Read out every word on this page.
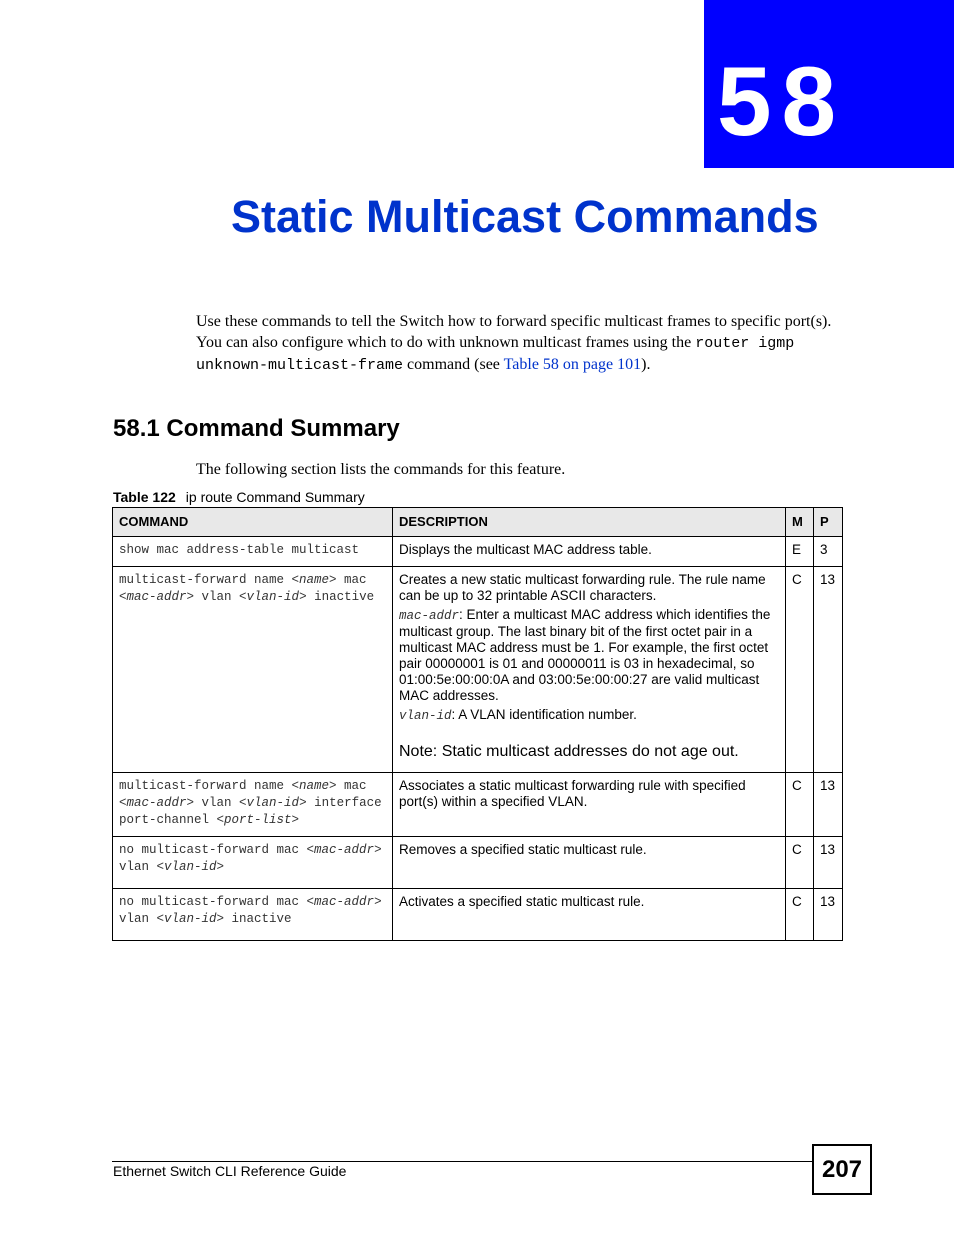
58
Static Multicast Commands
Use these commands to tell the Switch how to forward specific multicast frames to specific port(s). You can also configure which to do with unknown multicast frames using the router igmp unknown-multicast-frame command (see Table 58 on page 101).
58.1 Command Summary
The following section lists the commands for this feature.
Table 122 ip route Command Summary
COMMAND	DESCRIPTION	M	P
show mac address-table multicast	Displays the multicast MAC address table.	E	3
multicast-forward name <name> mac <mac-addr> vlan <vlan-id> inactive	Creates a new static multicast forwarding rule. The rule name can be up to 32 printable ASCII characters.

mac-addr: Enter a multicast MAC address which identifies the multicast group. The last binary bit of the first octet pair in a multicast MAC address must be 1. For example, the first octet pair 00000001 is 01 and 00000011 is 03 in hexadecimal, so 01:00:5e:00:00:0A and 03:00:5e:00:00:27 are valid multicast MAC addresses.

vlan-id: A VLAN identification number.

Note: Static multicast addresses do not age out.	C	13
multicast-forward name <name> mac <mac-addr> vlan <vlan-id> interface port-channel <port-list>	Associates a static multicast forwarding rule with specified port(s) within a specified VLAN.	C	13
no multicast-forward mac <mac-addr> vlan <vlan-id>	Removes a specified static multicast rule.	C	13
no multicast-forward mac <mac-addr> vlan <vlan-id> inactive	Activates a specified static multicast rule.	C	13
Ethernet Switch CLI Reference Guide	207
